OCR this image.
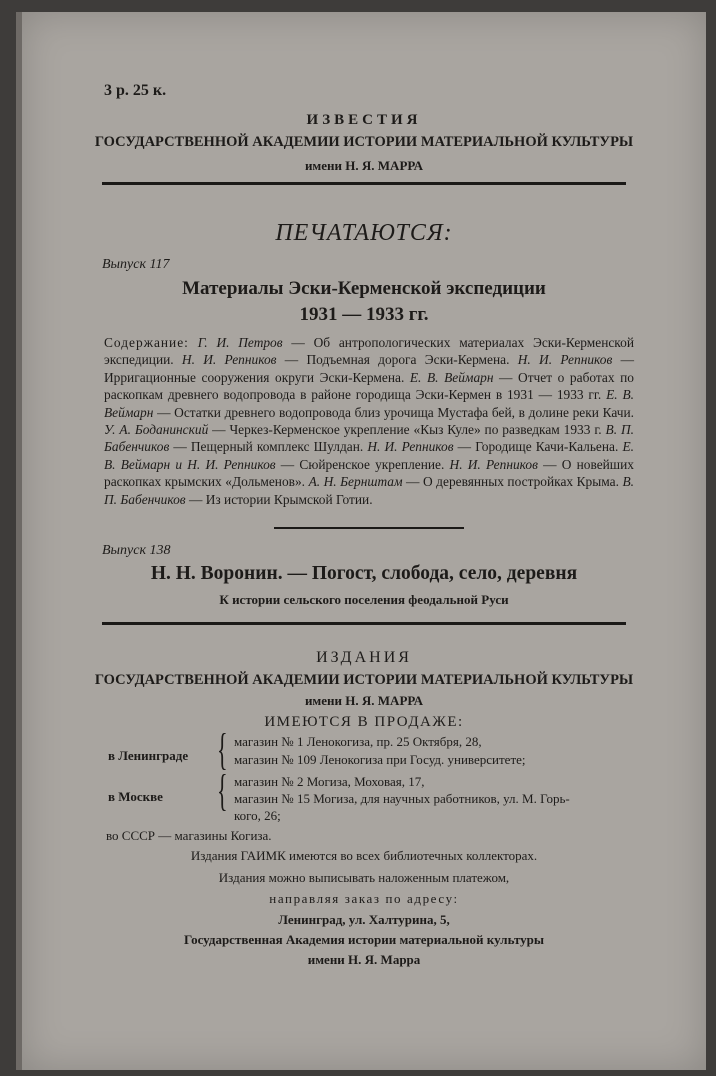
3 р. 25 к.
ИЗВЕСТИЯ
ГОСУДАРСТВЕННОЙ АКАДЕМИИ ИСТОРИИ МАТЕРИАЛЬНОЙ КУЛЬТУРЫ
имени Н. Я. МАРРА
ПЕЧАТАЮТСЯ:
Выпуск 117
Материалы Эски-Керменской экспедиции
1931 — 1933 гг.

Содержание: Г. И. Петров — Об антропологических материалах Эски-Керменской экспедиции. Н. И. Репников — Подъемная дорога Эски-Кермена. Н. И. Репников — Ирригационные сооружения округи Эски-Кермена. Е. В. Веймарн — Отчет о работах по раскопкам древнего водопровода в районе городища Эски-Кермен в 1931 — 1933 гг. Е. В. Веймарн — Остатки древнего водопровода близ урочища Мустафа бей, в долине реки Качи. У. А. Боданинский — Черкез-Керменское укрепление «Кыз Куле» по разведкам 1933 г. В. П. Бабенчиков — Пещерный комплекс Шулдан. Н. И. Репников — Городище Качи-Кальена. Е. В. Веймарн и Н. И. Репников — Сюйренское укрепление. Н. И. Репников — О новейших раскопках крымских «Дольменов». А. Н. Бернштам — О деревянных постройках Крыма. В. П. Бабенчиков — Из истории Крымской Готии.

Выпуск 138
Н. Н. Воронин. — Погост, слобода, село, деревня
К истории сельского поселения феодальной Руси
ИЗДАНИЯ
ГОСУДАРСТВЕННОЙ АКАДЕМИИ ИСТОРИИ МАТЕРИАЛЬНОЙ КУЛЬТУРЫ
имени Н. Я. МАРРА
ИМЕЮТСЯ В ПРОДАЖЕ:
в Ленинграде { магазин № 1 Ленокогиза, пр. 25 Октября, 28,
магазин № 109 Ленокогиза при Госуд. университете;
в Москве { магазин № 2 Могиза, Моховая, 17,
магазин № 15 Могиза, для научных работников, ул. М. Горь-
кого, 26;
во СССР — магазины Когиза.
Издания ГАИМК имеются во всех библиотечных коллекторах.
Издания можно выписывать наложенным платежом,
направляя заказ по адресу:
Ленинград, ул. Халтурина, 5,
Государственная Академия истории материальной культуры
имени Н. Я. Марра
